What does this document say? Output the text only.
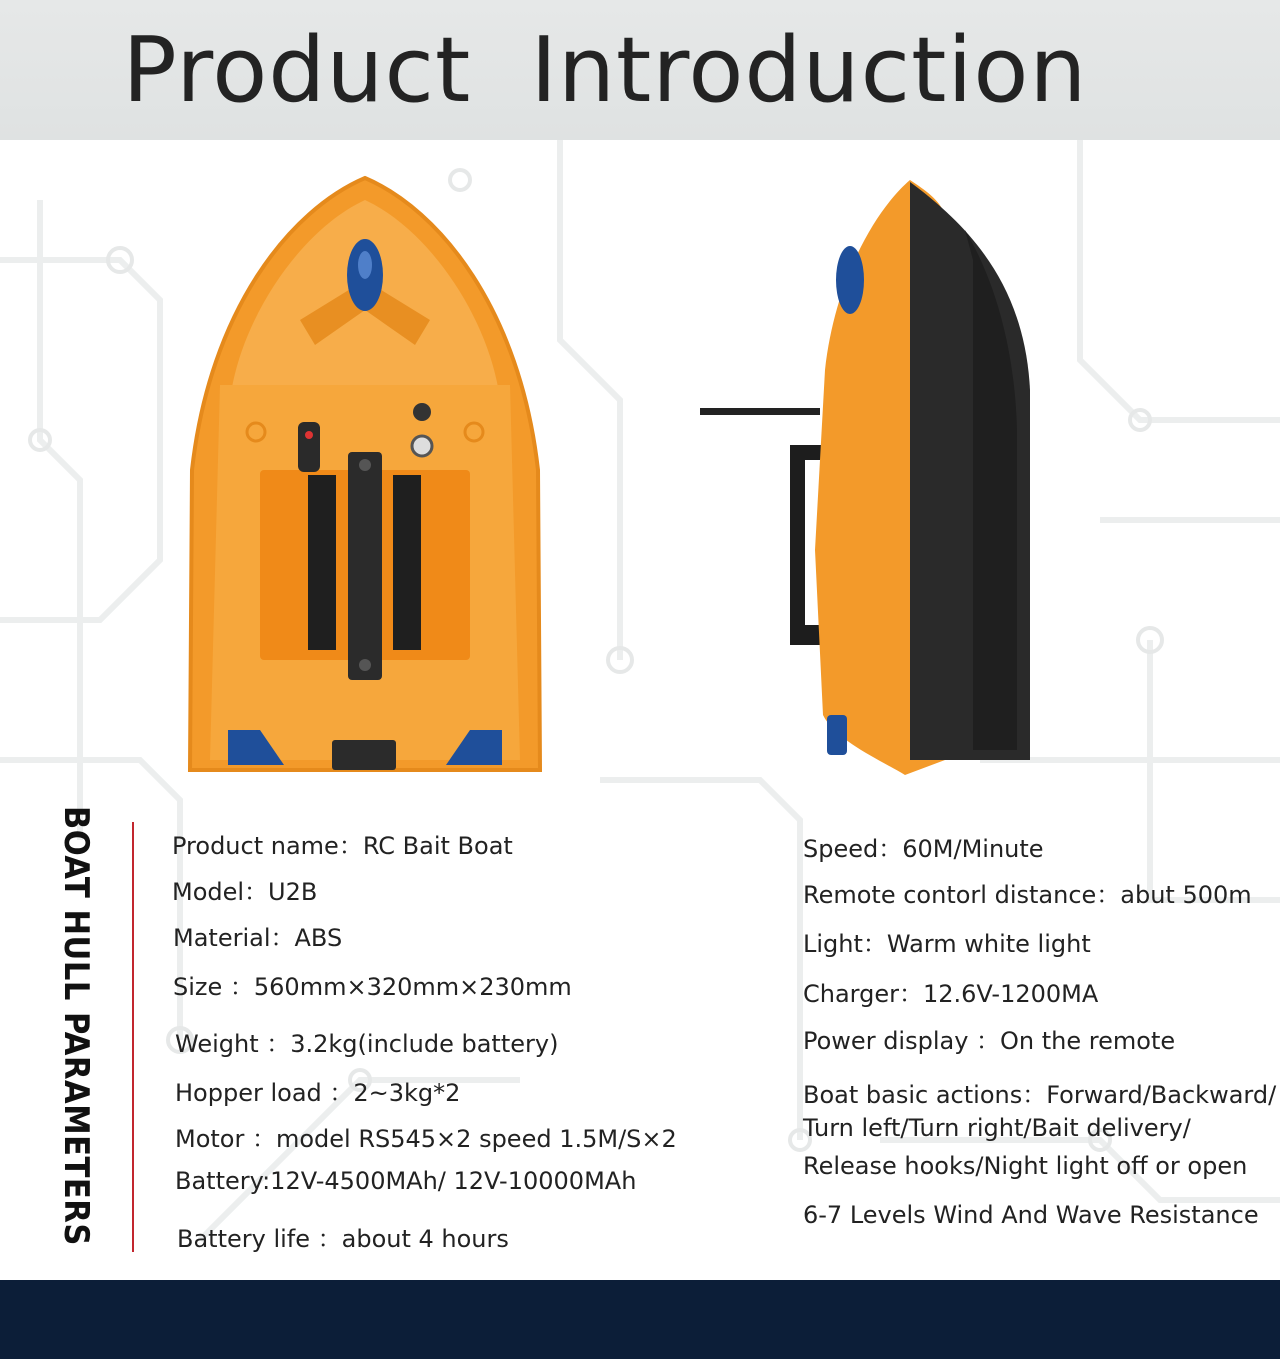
Product  Introduction
BOAT HULL PARAMETERS	Product name：RC Bait Boat
Model：U2B
Material：ABS
Size ：560mm×320mm×230mm
Weight ：3.2kg(include battery)
Hopper load ：2~3kg*2
Motor ：model RS545×2 speed 1.5M/S×2
Battery:12V-4500MAh/ 12V-10000MAh
Battery life ：about 4 hours
Speed：60M/Minute
Remote contorl distance：abut 500m
Light：Warm white light
Charger：12.6V-1200MA
Power display ：On the remote
Boat basic actions：Forward/Backward/
Turn left/Turn right/Bait delivery/
Release hooks/Night light off or open
6-7 Levels Wind And Wave Resistance
